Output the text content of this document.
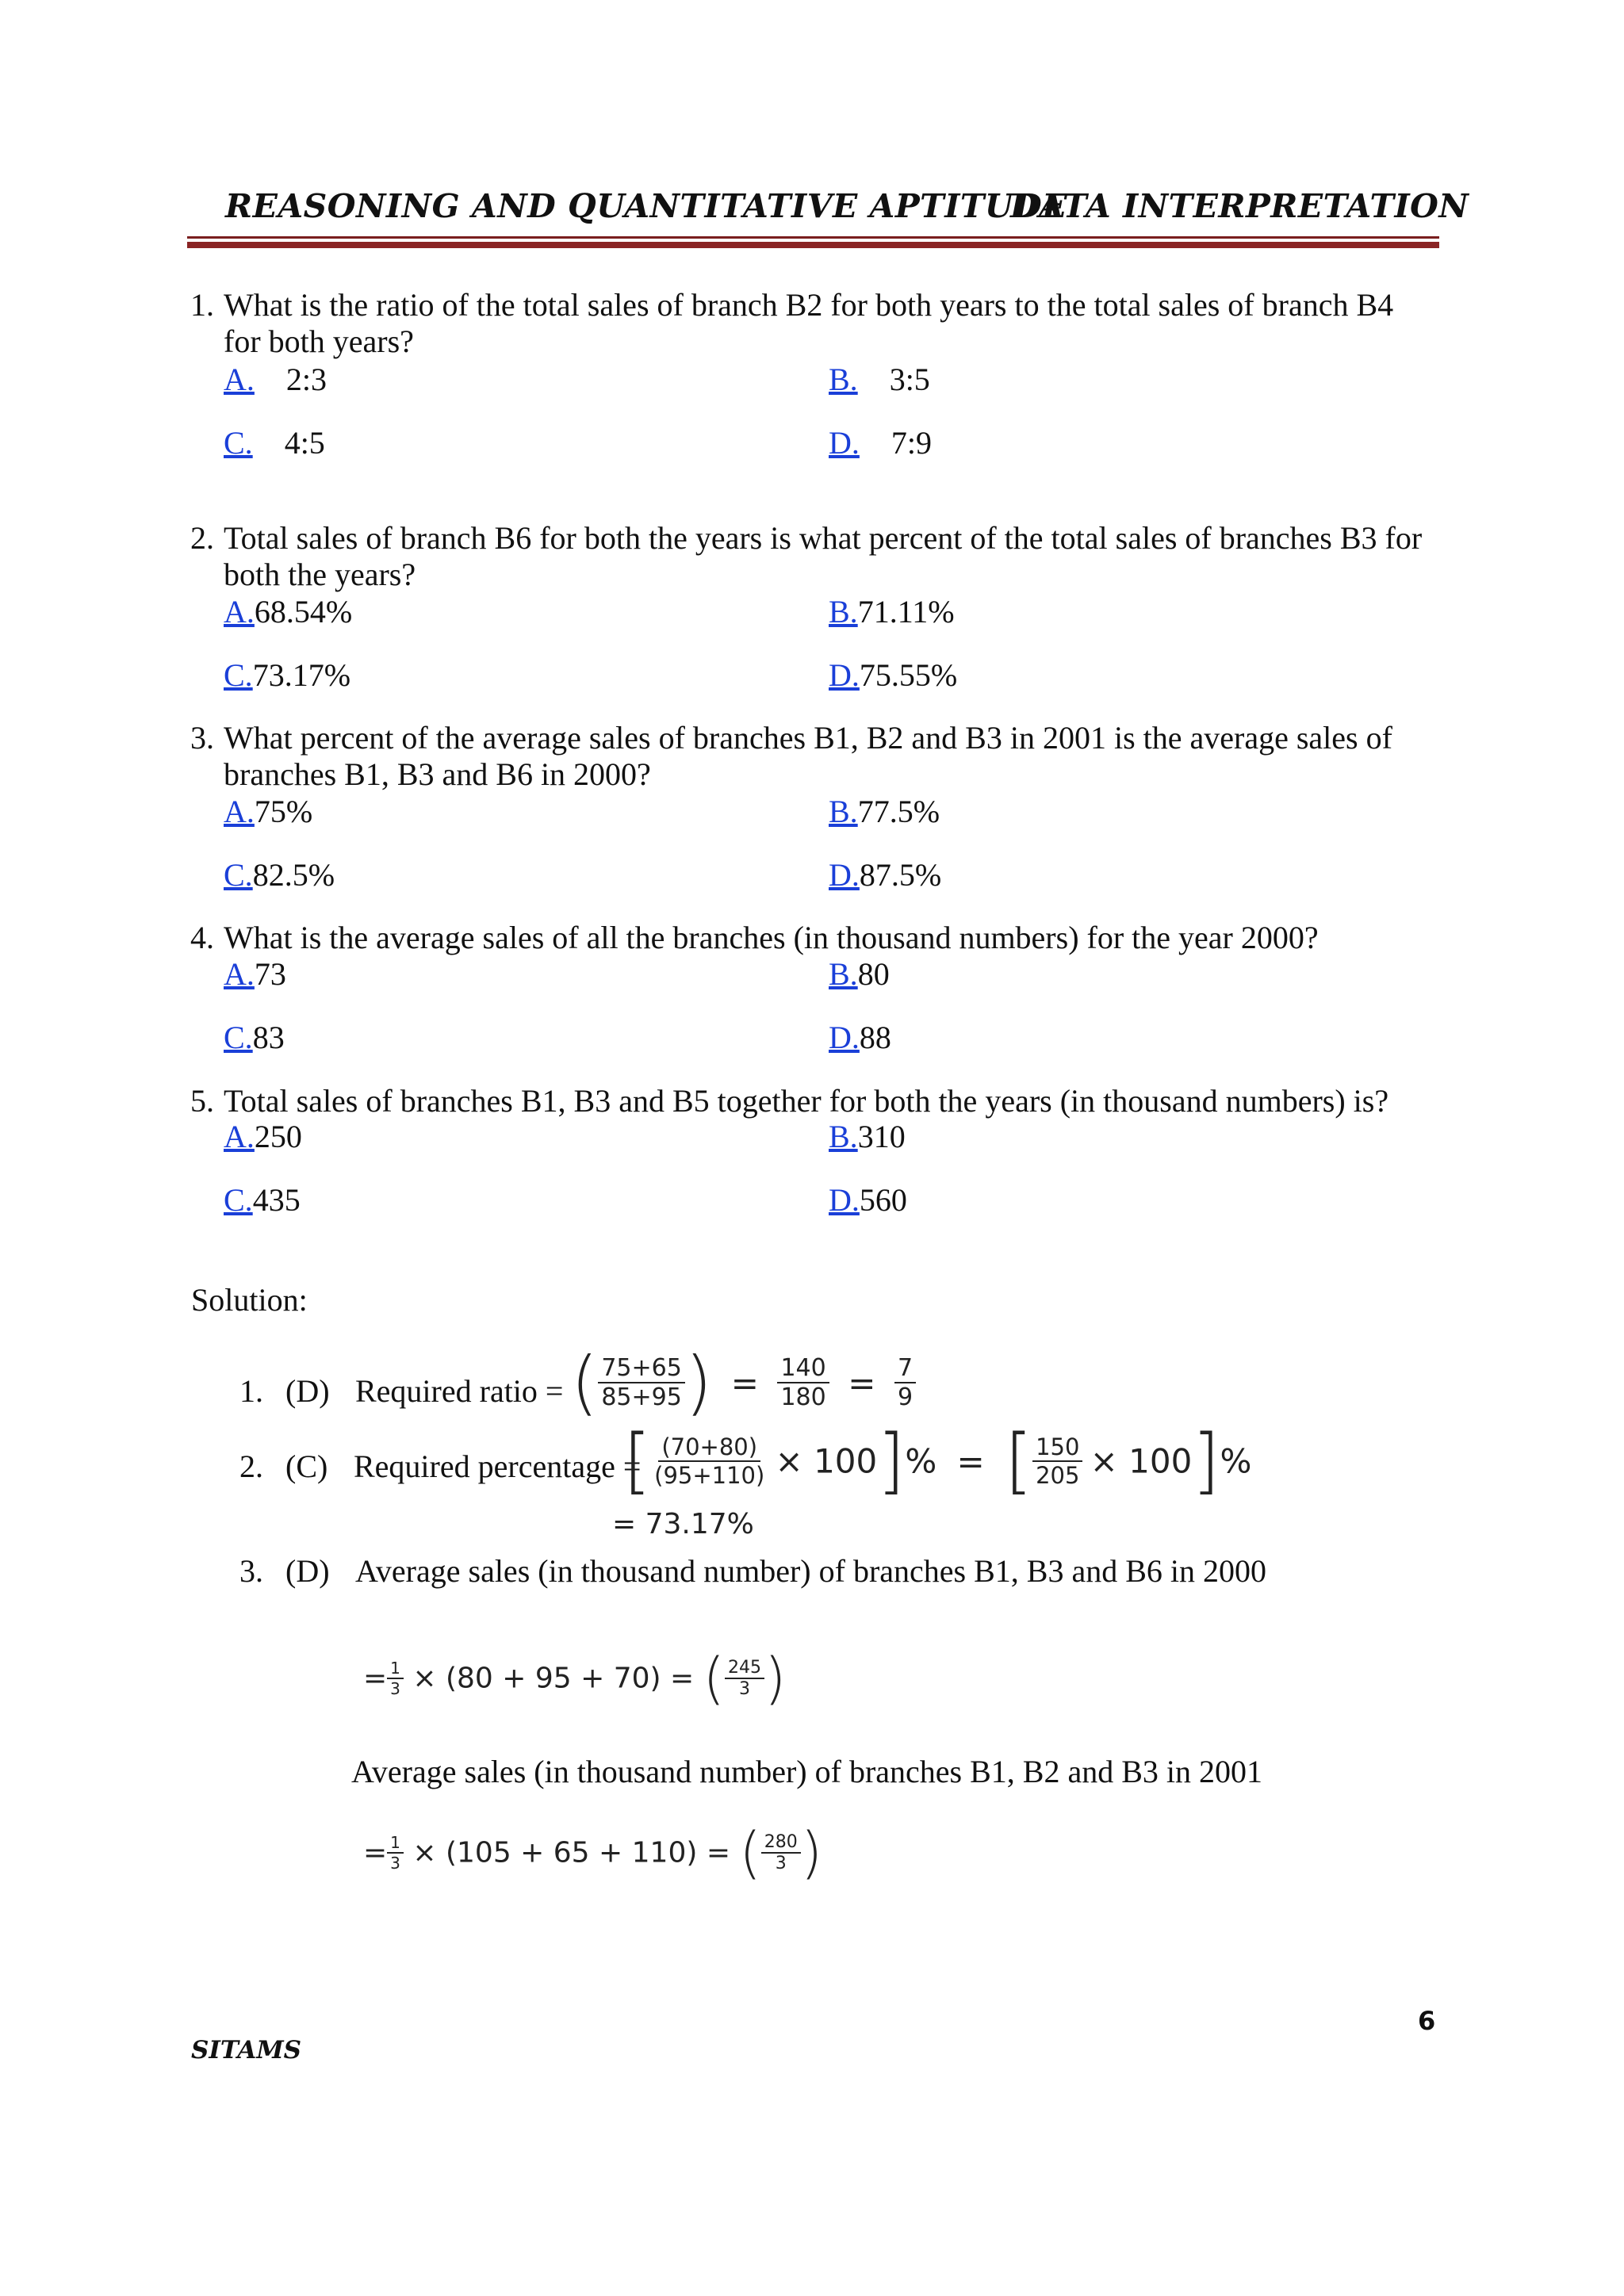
REASONING AND QUANTITATIVE APTITUDE
DATA INTERPRETATION
1. What is the ratio of the total sales of branch B2 for both years to the total sales of branch B4
for both years?
A. 2:3	B. 3:5
C. 4:5	D. 7:9
2. Total sales of branch B6 for both the years is what percent of the total sales of branches B3 for
both the years?
A.68.54%	B.71.11%
C.73.17%	D.75.55%
3. What percent of the average sales of branches B1, B2 and B3 in 2001 is the average sales of
branches B1, B3 and B6 in 2000?
A.75%	B.77.5%
C.82.5%	D.87.5%
4. What is the average sales of all the branches (in thousand numbers) for the year 2000?
A.73	B.80
C.83	D.88
5. Total sales of branches B1, B3 and B5 together for both the years (in thousand numbers) is?
A.250	B.310
C.435	D.560
Solution:
1. (D) Required ratio = ( $\frac{75+65}{85+95}$ ) = $\frac{140}{180} = \frac{7}{9}$
2. (C) Required percentage =
[ $\frac{(70+80)}{(95+110)} \times 100]\%$ = [ $\frac{150}{205} \times 100]\%$
= 73.17%
3. (D) Average sales (in thousand number) of branches B1, B3 and B6 in 2000
= $\frac{1}{3} \times (80 + 95 + 70)$ = ( $\frac{245}{3}$ )
Average sales (in thousand number) of branches B1, B2 and B3 in 2001
= $\frac{1}{3} \times (105 + 65 + 110)$ = ( $\frac{280}{3}$ )
6
SITAMS
